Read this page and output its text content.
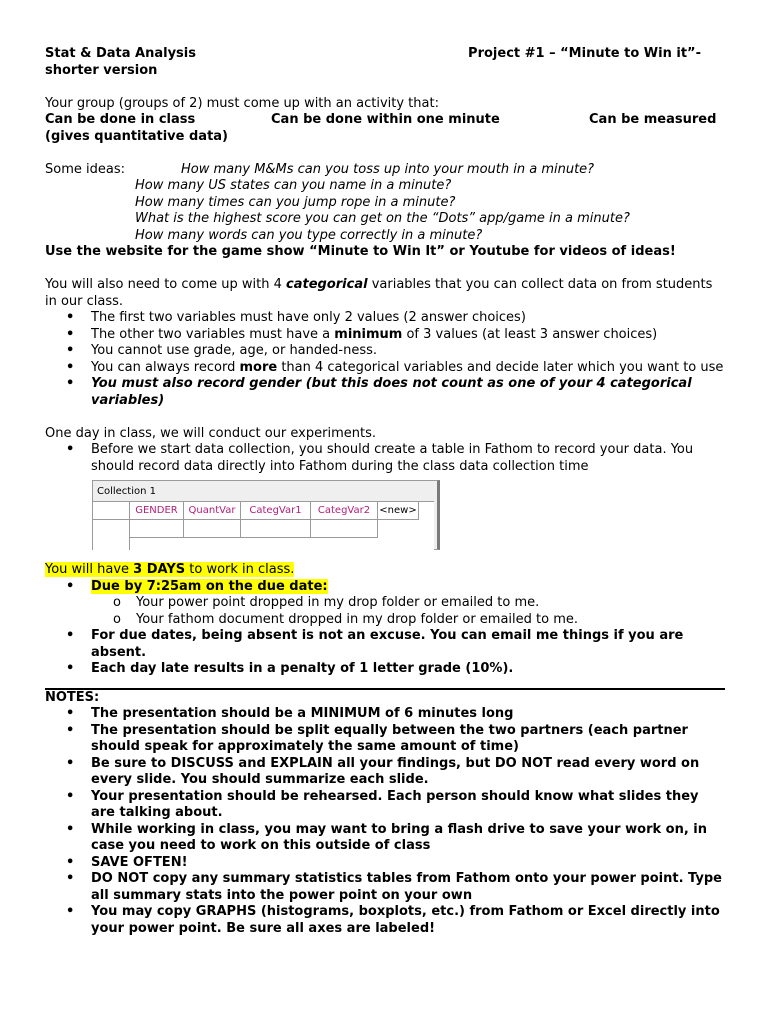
Stat & Data Analysis	Project #1 – “Minute to Win it”-
shorter version
Your group (groups of 2) must come up with an activity that:
Can be done in class	Can be done within one minute	Can be measured
(gives quantitative data)
Some ideas:	How many M&Ms can you toss up into your mouth in a minute?
How many US states can you name in a minute?
How many times can you jump rope in a minute?
What is the highest score you can get on the “Dots” app/game in a minute?
How many words can you type correctly in a minute?
Use the website for the game show “Minute to Win It” or Youtube for videos of ideas!
You will also need to come up with 4 categorical variables that you can collect data on from students in our class.
• The first two variables must have only 2 values (2 answer choices)
• The other two variables must have a minimum of 3 values (at least 3 answer choices)
• You cannot use grade, age, or handed-ness.
• You can always record more than 4 categorical variables and decide later which you want to use
• You must also record gender (but this does not count as one of your 4 categorical variables)
One day in class, we will conduct our experiments.
• Before we start data collection, you should create a table in Fathom to record your data. You should record data directly into Fathom during the class data collection time
Collection 1
GENDER	QuantVar	CategVar1	CategVar2 <new>
You will have 3 DAYS to work in class.
• Due by 7:25am on the due date:
o Your power point dropped in my drop folder or emailed to me.
o Your fathom document dropped in my drop folder or emailed to me.
• For due dates, being absent is not an excuse. You can email me things if you are absent.
• Each day late results in a penalty of 1 letter grade (10%).
NOTES:
• The presentation should be a MINIMUM of 6 minutes long
• The presentation should be split equally between the two partners (each partner should speak for approximately the same amount of time)
• Be sure to DISCUSS and EXPLAIN all your findings, but DO NOT read every word on every slide. You should summarize each slide.
• Your presentation should be rehearsed. Each person should know what slides they are talking about.
• While working in class, you may want to bring a flash drive to save your work on, in case you need to work on this outside of class
• SAVE OFTEN!
• DO NOT copy any summary statistics tables from Fathom onto your power point. Type all summary stats into the power point on your own
• You may copy GRAPHS (histograms, boxplots, etc.) from Fathom or Excel directly into your power point. Be sure all axes are labeled!
